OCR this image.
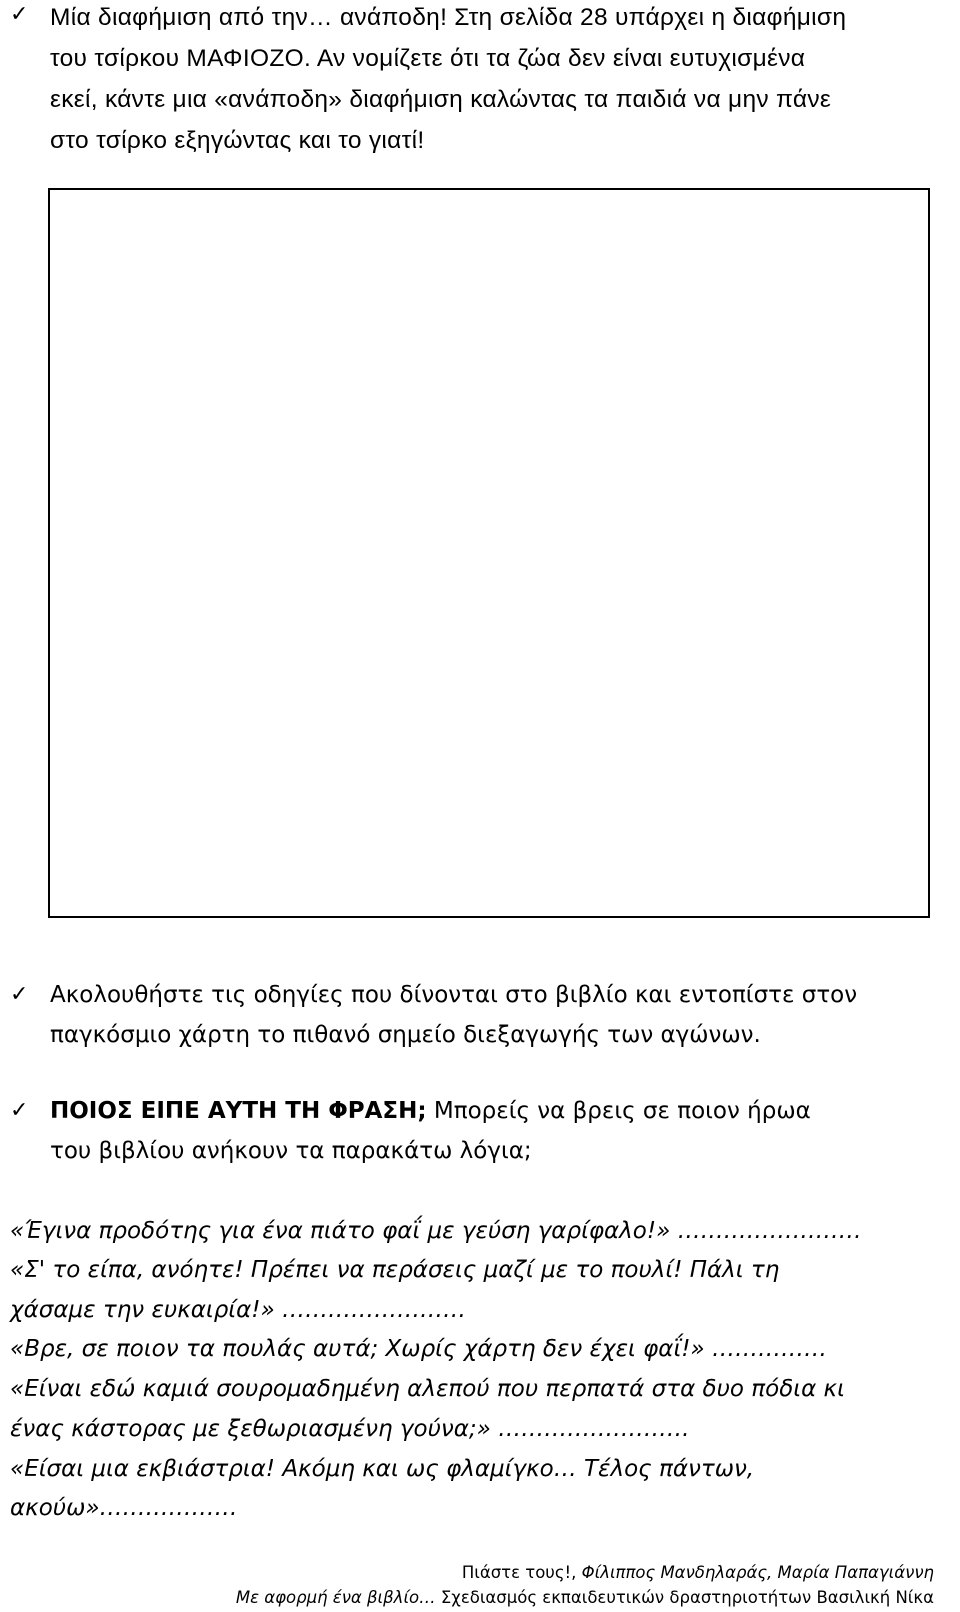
✓ Μία διαφήμιση από την… ανάποδη! Στη σελίδα 28 υπάρχει η διαφήμιση
του τσίρκου ΜΑΦΙΟΖΟ. Αν νομίζετε ότι τα ζώα δεν είναι ευτυχισμένα
εκεί, κάντε μια «ανάποδη» διαφήμιση καλώντας τα παιδιά να μην πάνε
στο τσίρκο εξηγώντας και το γιατί!
✓ Ακολουθήστε τις οδηγίες που δίνονται στο βιβλίο και εντοπίστε στον
παγκόσμιο χάρτη το πιθανό σημείο διεξαγωγής των αγώνων.
✓ ΠΟΙΟΣ ΕΙΠΕ ΑΥΤΗ ΤΗ ΦΡΑΣΗ; Μπορείς να βρεις σε ποιον ήρωα
του βιβλίου ανήκουν τα παρακάτω λόγια;
«Έγινα προδότης για ένα πιάτο φαΐ με γεύση γαρίφαλο!» ……………………
«Σ' το είπα, ανόητε! Πρέπει να περάσεις μαζί με το πουλί! Πάλι τη
χάσαμε την ευκαιρία!» ……………………
«Βρε, σε ποιον τα πουλάς αυτά; Χωρίς χάρτη δεν έχει φαΐ!» ……………
«Είναι εδώ καμιά σουρομαδημένη αλεπού που περπατά στα δυο πόδια κι
ένας κάστορας με ξεθωριασμένη γούνα;» …………………….
«Είσαι μια εκβιάστρια! Ακόμη και ως φλαμίγκο… Τέλος πάντων,
ακούω»………………
Πιάστε τους!, Φίλιππος Μανδηλαράς, Μαρία Παπαγιάννη
Με αφορμή ένα βιβλίο… Σχεδιασμός εκπαιδευτικών δραστηριοτήτων Βασιλική Νίκα
